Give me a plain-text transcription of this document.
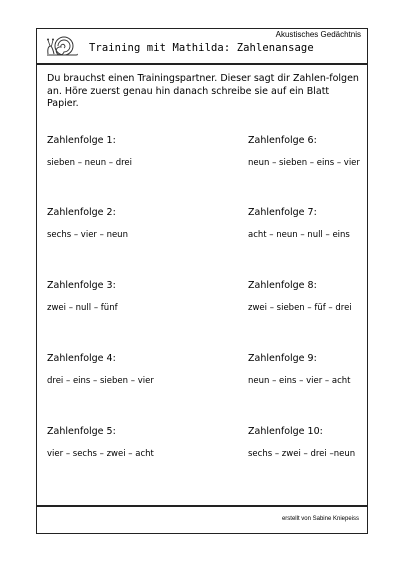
Akustisches Gedächtnis
Training mit Mathilda: Zahlenansage
Du brauchst einen Trainingspartner. Dieser sagt dir Zahlen-folgen an. Höre zuerst genau hin danach schreibe sie auf ein Blatt Papier.
Zahlenfolge 1:
sieben – neun – drei
Zahlenfolge 2:
sechs – vier – neun
Zahlenfolge 3:
zwei – null – fünf
Zahlenfolge 4:
drei – eins – sieben – vier
Zahlenfolge 5:
vier – sechs – zwei – acht
Zahlenfolge 6:
neun – sieben – eins – vier
Zahlenfolge 7:
acht – neun – null – eins
Zahlenfolge 8:
zwei – sieben – füf – drei
Zahlenfolge 9:
neun – eins – vier – acht
Zahlenfolge 10:
sechs – zwei – drei –neun
erstellt von Sabine Kniepeiss
